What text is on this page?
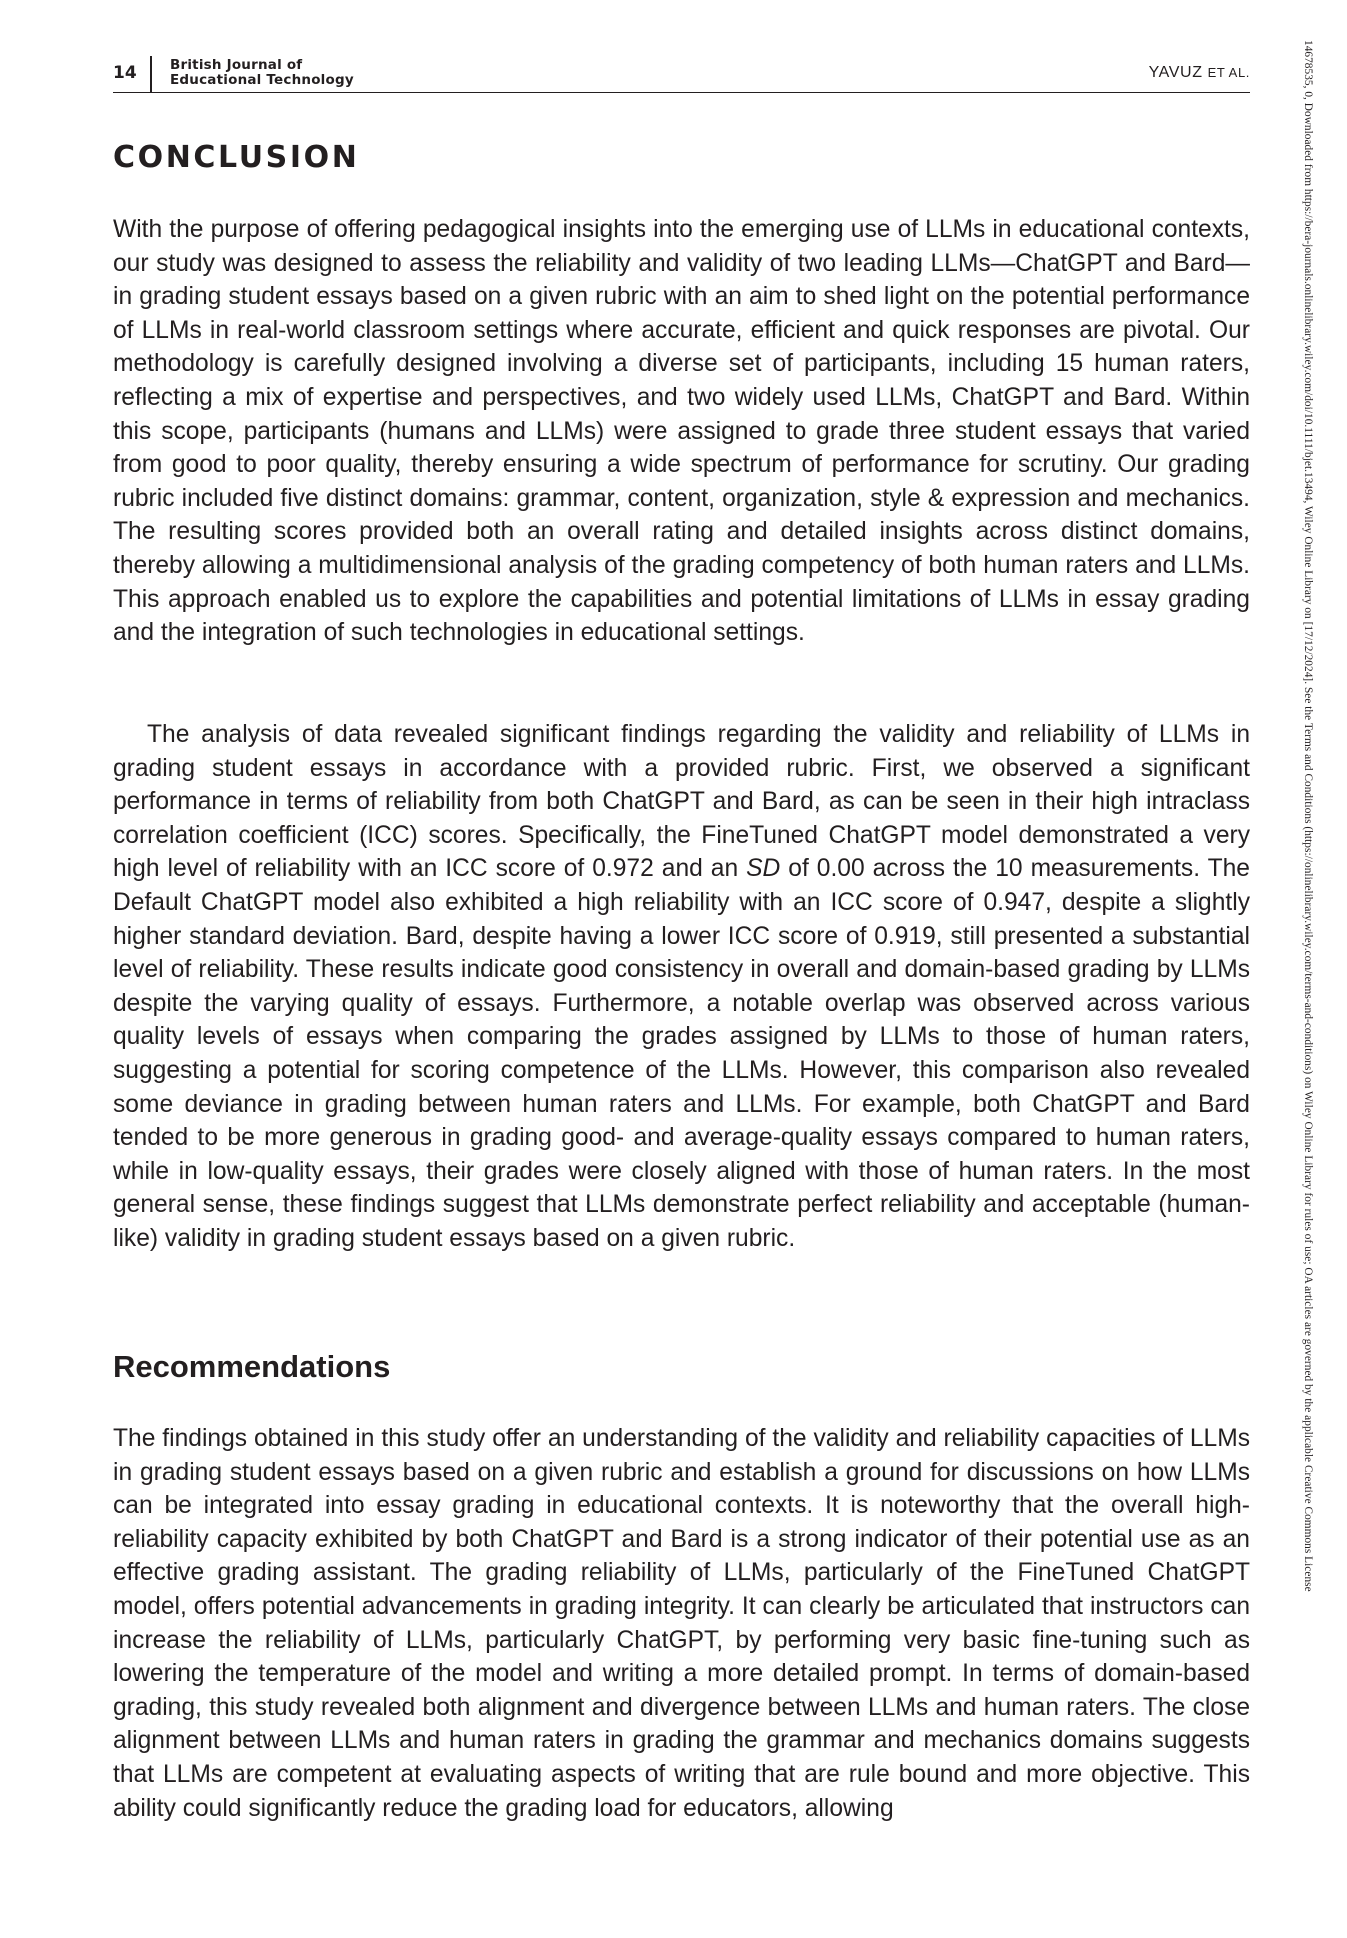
14 British Journal of
Educational Technology	YAVUZ ET AL.	14678535, 0, Downloaded from https://bera-journals.onlinelibrary.wiley.com/doi/10.1111/bjet.13494, Wiley Online Library on [17/12/2024]. See the Terms and Conditions (https://onlinelibrary.wiley.com/terms-and-conditions) on Wiley Online Library for rules of use; OA articles are governed by the applicable Creative Commons License
CONCLUSION

With the purpose of offering pedagogical insights into the emerging use of LLMs in educational contexts, our study was designed to assess the reliability and validity of two leading LLMs—ChatGPT and Bard—in grading student essays based on a given rubric with an aim to shed light on the potential performance of LLMs in real-world classroom settings where accurate, efficient and quick responses are pivotal. Our methodology is carefully designed involving a diverse set of participants, including 15 human raters, reflecting a mix of expertise and perspectives, and two widely used LLMs, ChatGPT and Bard. Within this scope, participants (humans and LLMs) were assigned to grade three student essays that varied from good to poor quality, thereby ensuring a wide spectrum of performance for scrutiny. Our grading rubric included five distinct domains: grammar, content, organization, style & expression and mechanics. The resulting scores provided both an overall rating and detailed insights across distinct domains, thereby allowing a multidimensional analysis of the grading competency of both human raters and LLMs. This approach enabled us to explore the capabilities and potential limitations of LLMs in essay grading and the integration of such technologies in educational settings.

The analysis of data revealed significant findings regarding the validity and reliability of LLMs in grading student essays in accordance with a provided rubric. First, we observed a significant performance in terms of reliability from both ChatGPT and Bard, as can be seen in their high intraclass correlation coefficient (ICC) scores. Specifically, the FineTuned ChatGPT model demonstrated a very high level of reliability with an ICC score of 0.972 and an SD of 0.00 across the 10 measurements. The Default ChatGPT model also exhibited a high reliability with an ICC score of 0.947, despite a slightly higher standard deviation. Bard, despite having a lower ICC score of 0.919, still presented a substantial level of reliability. These results indicate good consistency in overall and domain-based grading by LLMs despite the varying quality of essays. Furthermore, a notable overlap was observed across various quality levels of essays when comparing the grades assigned by LLMs to those of human raters, suggesting a potential for scoring competence of the LLMs. However, this comparison also revealed some deviance in grading between human raters and LLMs. For example, both ChatGPT and Bard tended to be more generous in grading good- and average-quality essays compared to human raters, while in low-quality essays, their grades were closely aligned with those of human raters. In the most general sense, these findings suggest that LLMs demonstrate perfect reliability and acceptable (human-like) validity in grading student essays based on a given rubric.

Recommendations

The findings obtained in this study offer an understanding of the validity and reliability capacities of LLMs in grading student essays based on a given rubric and establish a ground for discussions on how LLMs can be integrated into essay grading in educational contexts. It is noteworthy that the overall high-reliability capacity exhibited by both ChatGPT and Bard is a strong indicator of their potential use as an effective grading assistant. The grading reliability of LLMs, particularly of the FineTuned ChatGPT model, offers potential advancements in grading integrity. It can clearly be articulated that instructors can increase the reliability of LLMs, particularly ChatGPT, by performing very basic fine-tuning such as lowering the temperature of the model and writing a more detailed prompt. In terms of domain-based grading, this study revealed both alignment and divergence between LLMs and human raters. The close alignment between LLMs and human raters in grading the grammar and mechanics domains suggests that LLMs are competent at evaluating aspects of writing that are rule bound and more objective. This ability could significantly reduce the grading load for educators, allowing
